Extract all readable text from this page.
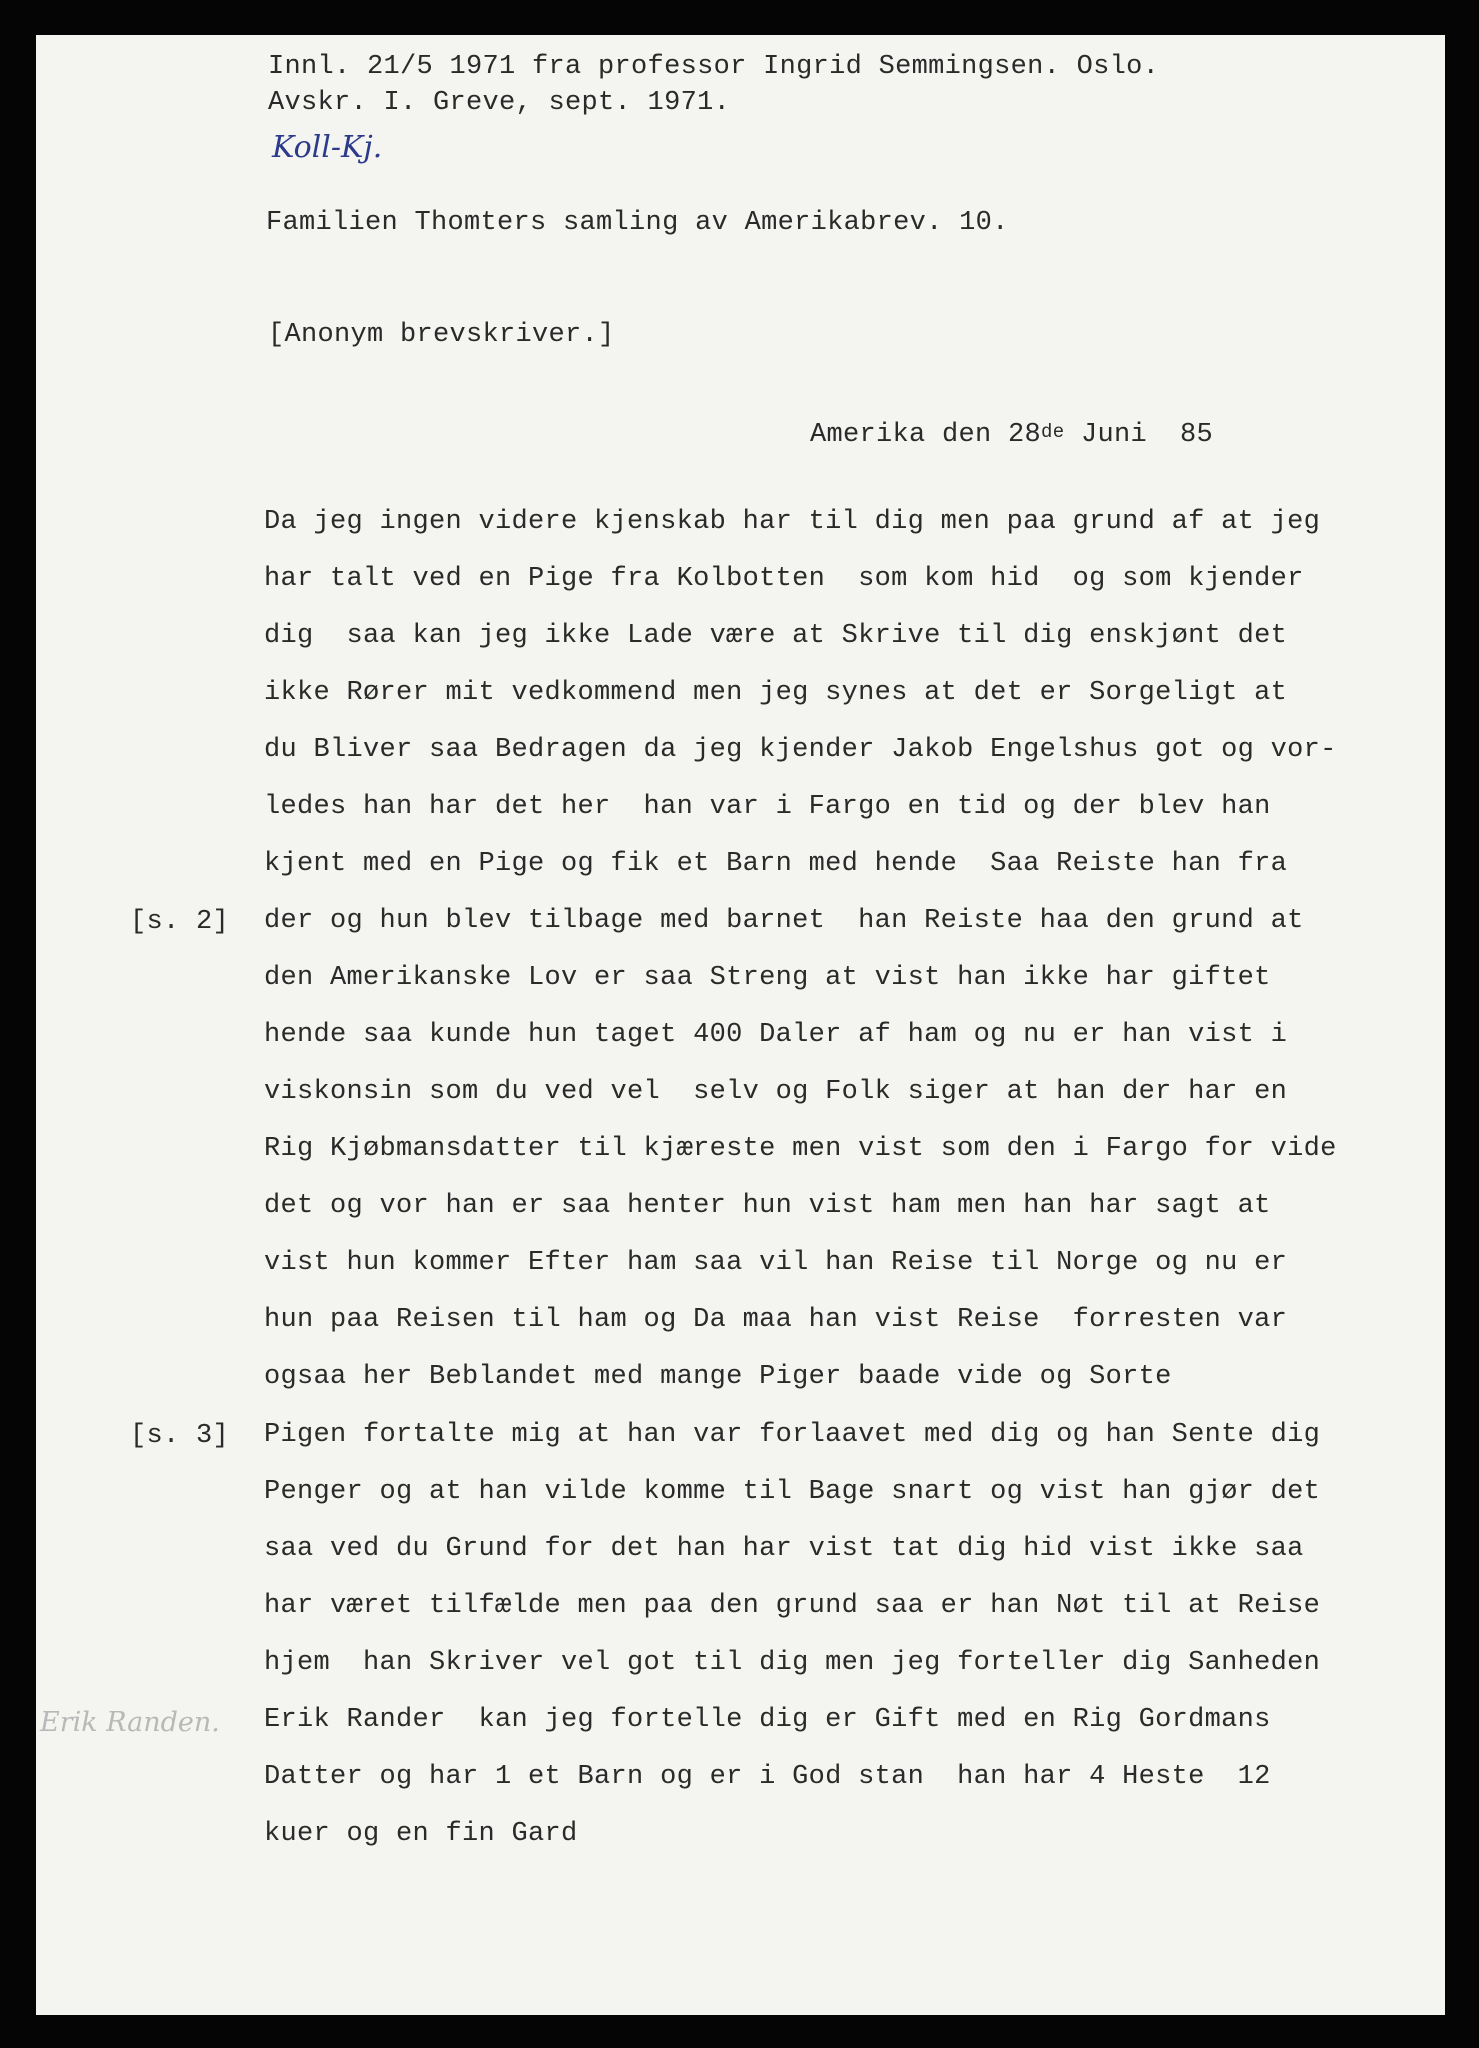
Innl. 21/5 1971 fra professor Ingrid Semmingsen. Oslo.
Avskr. I. Greve, sept. 1971.
Koll-Kj.
Familien Thomters samling av Amerikabrev. 10.
[Anonym brevskriver.]
Amerika den 28de Juni  85
[s. 2]
[s. 3]
Erik Randen.
Da jeg ingen videre kjenskab har til dig men paa grund af at jeg
har talt ved en Pige fra Kolbotten  som kom hid  og som kjender
dig  saa kan jeg ikke Lade være at Skrive til dig enskjønt det
ikke Rører mit vedkommend men jeg synes at det er Sorgeligt at
du Bliver saa Bedragen da jeg kjender Jakob Engelshus got og vor-
ledes han har det her  han var i Fargo en tid og der blev han
kjent med en Pige og fik et Barn med hende  Saa Reiste han fra
der og hun blev tilbage med barnet  han Reiste haa den grund at
den Amerikanske Lov er saa Streng at vist han ikke har giftet
hende saa kunde hun taget 400 Daler af ham og nu er han vist i
viskonsin som du ved vel  selv og Folk siger at han der har en
Rig Kjøbmansdatter til kjæreste men vist som den i Fargo for vide
det og vor han er saa henter hun vist ham men han har sagt at
vist hun kommer Efter ham saa vil han Reise til Norge og nu er
hun paa Reisen til ham og Da maa han vist Reise  forresten var
ogsaa her Beblandet med mange Piger baade vide og Sorte
Pigen fortalte mig at han var forlaavet med dig og han Sente dig
Penger og at han vilde komme til Bage snart og vist han gjør det
saa ved du Grund for det han har vist tat dig hid vist ikke saa
har været tilfælde men paa den grund saa er han Nøt til at Reise
hjem  han Skriver vel got til dig men jeg forteller dig Sanheden
Erik Rander  kan jeg fortelle dig er Gift med en Rig Gordmans
Datter og har 1 et Barn og er i God stan  han har 4 Heste  12
kuer og en fin Gard
